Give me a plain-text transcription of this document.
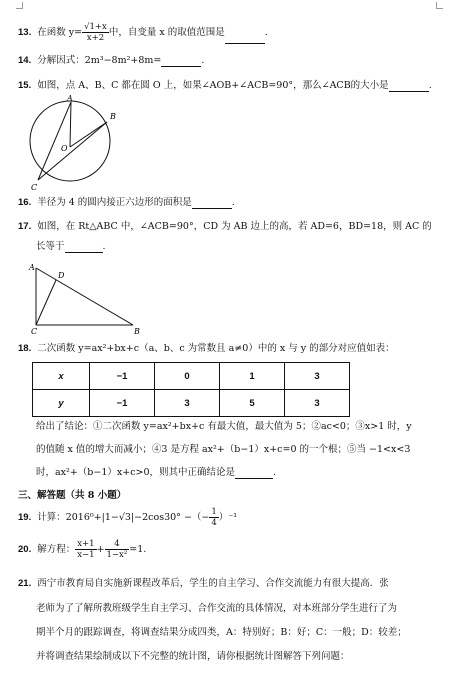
13. 在函数 $y= \frac{√1+x}{x+2}$ 中，自变量 x 的取值范围是	.
14. 分解因式：2m³−8m²+8m=	.
15. 如图，点 A、B、C 都在圆 O 上，如果∠AOB+∠ACB=90°，那么∠ACB的大小是	.
A
B
O
C
16. 半径为 4 的圆内接正六边形的面积是	.
17. 如图，在 Rt△ABC 中，∠ACB=90°，CD 为 AB 边上的高，若 AD=6，BD=18，则 AC 的
长等于	.
A
D
C	B
18. 二次函数 y=ax²+bx+c（a、b、c 为常数且 a≠0）中的 x 与 y 的部分对应值如表：
x	−1	0	1	3
y	−1	3	5	3
给出了结论：①二次函数 y=ax²+bx+c 有最大值，最大值为 5；②ac<0；③x>1 时，y
的值随 x 值的增大而减小；④3 是方程 ax²+（b−1）x+c=0 的一个根；⑤当 −1<x<3
时，ax²+（b−1）x+c>0，则其中正确结论是	.
三、解答题（共 8 小题）
19. 计算：2016⁰+|1−√3|−2cos30° −（− $\frac{1}{4} )^{-1}$
20. 解方程： $\frac{x+1}{x-1} + \frac{4}{\text{1−x²}} =1$.
21. 西宁市教育局自实施新课程改革后，学生的自主学习、合作交流能力有很大提高．张
老师为了了解所教班级学生自主学习、合作交流的具体情况，对本班部分学生进行了为
期半个月的跟踪调查，将调查结果分成四类，A：特别好；B：好；C：一般；D：较差；
并将调查结果绘制成以下不完整的统计图，请你根据统计图解答下列问题：
